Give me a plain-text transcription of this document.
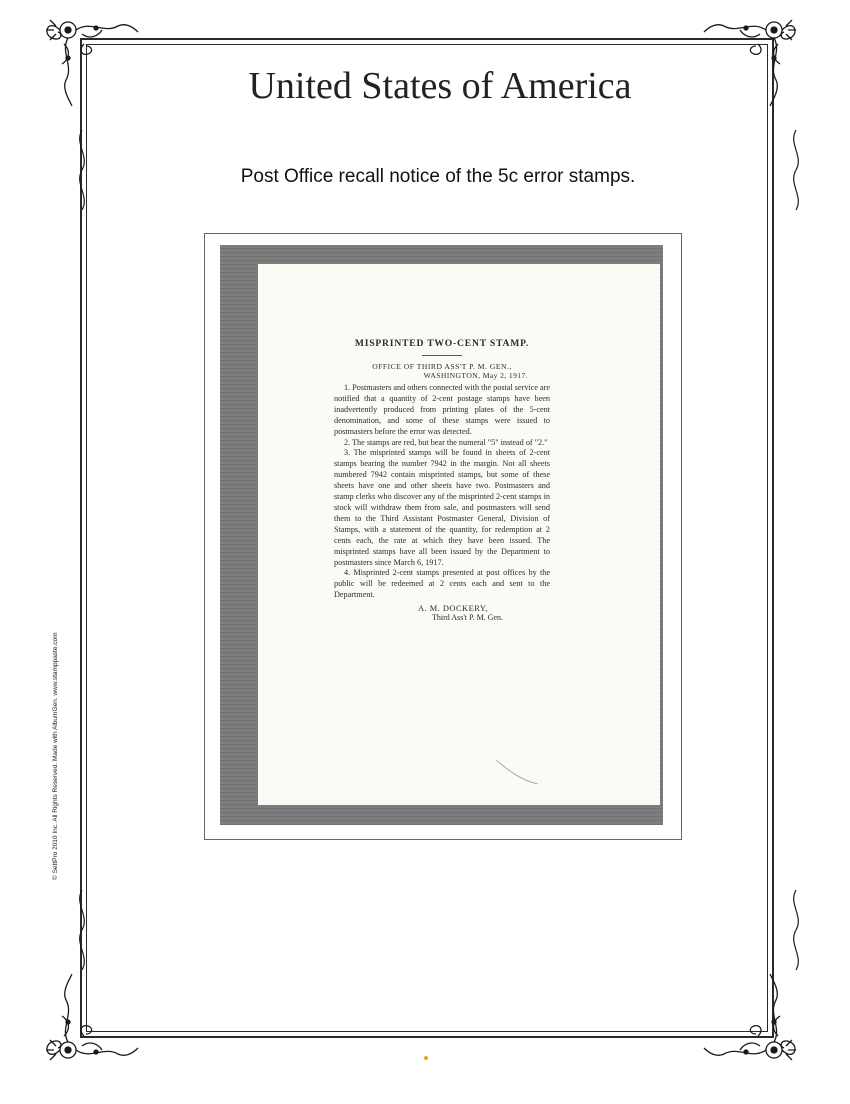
United States of America
Post Office recall notice of the 5c error stamps.
© SettPro 2010 Inc. All Rights Reserved. Made with AlbumGen. www.stamppaste.com
MISPRINTED TWO-CENT STAMP.
OFFICE OF THIRD ASS'T P. M. GEN.,
WASHINGTON, May 2, 1917.

1. Postmasters and others connected with the postal service are notified that a quantity of 2-cent postage stamps have been inadvertently produced from printing plates of the 5-cent denomination, and some of these stamps were issued to postmasters before the error was detected.

2. The stamps are red, but bear the numeral "5" instead of "2."

3. The misprinted stamps will be found in sheets of 2-cent stamps bearing the number 7942 in the margin. Not all sheets numbered 7942 contain misprinted stamps, but some of these sheets have one and other sheets have two. Postmasters and stamp clerks who discover any of the misprinted 2-cent stamps in stock will withdraw them from sale, and postmasters will send them to the Third Assistant Postmaster General, Division of Stamps, with a statement of the quantity, for redemption at 2 cents each, the rate at which they have been issued. The misprinted stamps have all been issued by the Department to postmasters since March 6, 1917.

4. Misprinted 2-cent stamps presented at post offices by the public will be redeemed at 2 cents each and sent to the Department.

A. M. DOCKERY,
Third Ass't P. M. Gen.
